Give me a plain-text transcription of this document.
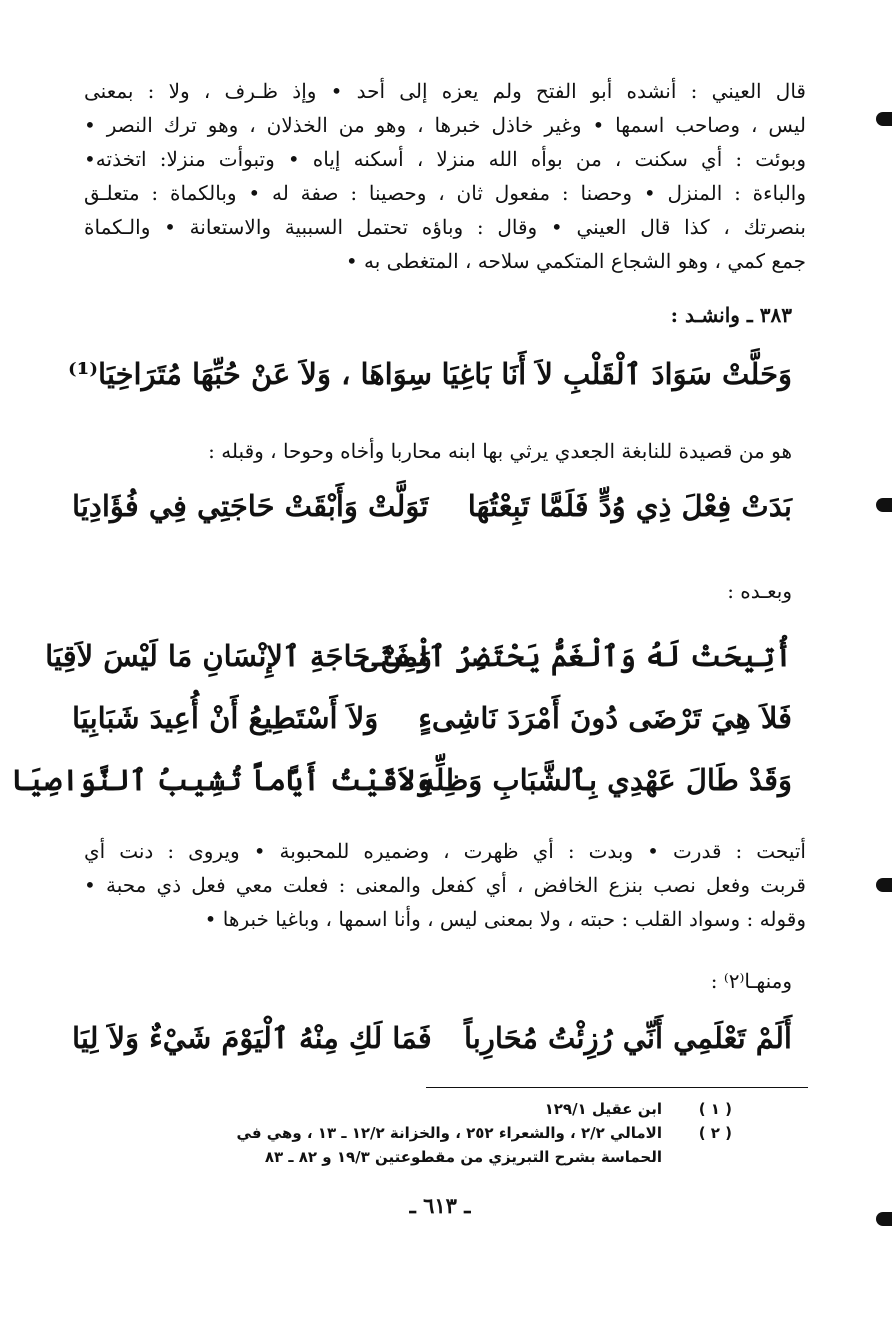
قال العيني : أنشده أبو الفتح ولم يعزه إلى أحد • وإذ ظـرف ، ولا : بمعنى

ليس ، وصاحب اسمها • وغير خاذل خبرها ، وهو من الخذلان ، وهو ترك النصر •

وبوئت : أي سكنت ، من بوأه الله منزلا ، أسكنه إياه • وتبوأت منزلا: اتخذته•

والباءة : المنزل • وحصنا : مفعول ثان ، وحصينا : صفة له • وبالكماة : متعلـق

بنصرتك ، كذا قال العيني • وقال : وباؤه تحتمل السببية والاستعانة • والـكماة

جمع كمي ، وهو الشجاع المتكمي سلاحه ، المتغطى به •

٣٨٣ ـ وانشـد :

وَحَلَّتْ سَوَادَ ٱلْقَلْبِ لاَ أَنَا بَاغِيَا

سِوَاهَا ، وَلاَ عَنْ حُبِّهَا مُتَرَاخِيَا⁽¹⁾

هو من قصيدة للنابغة الجعدي يرثي بها ابنه محاربا وأخاه وحوحا ، وقبله :

بَدَتْ فِعْلَ ذِي وُدٍّ فَلَمَّا تَبِعْتُهَا

تَوَلَّتْ وَأَبْقَتْ حَاجَتِي فِي فُؤَادِيَا

وبعـده :

أُتِيحَتْ لَهُ وَٱلْغَمُّ يَحْتَضِرُ ٱلْفَتَى

وَمِنْ حَاجَةِ ٱلإِنْسَانِ مَا لَيْسَ لاَقِيَا

فَلاَ هِيَ تَرْضَى دُونَ أَمْرَدَ نَاشِىءٍ

وَلاَ أَسْتَطِيعُ أَنْ أُعِيدَ شَبَابِيَا

وَقَدْ طَالَ عَهْدِي بِٱلشَّبَابِ وَظِلِّهِ

وَلاَقَيْتُ أَيَّاماً تُشِيبُ ٱلنَّوَاصِيَا

أتيحت : قدرت • وبدت : أي ظهرت ، وضميره للمحبوبة • ويروى : دنت أي

قربت وفعل نصب بنزع الخافض ، أي كفعل والمعنى : فعلت معي فعل ذي محبة •

وقوله : وسواد القلب : حبته ، ولا بمعنى ليس ، وأنا اسمها ، وباغيا خبرها •

ومنهـا⁽٢⁾ :

أَلَمْ تَعْلَمِي أَنِّي رُزِئْتُ مُحَارِباً

فَمَا لَكِ مِنْهُ ٱلْيَوْمَ شَيْءٌ وَلاَ لِيَا

( ١ )

ابن عقيل ١٢٩/١

( ٢ )

الامالي ٢/٢ ، والشعراء ٢٥٢ ، والخزانة ١٢/٢ ـ ١٣ ، وهي في

الحماسة بشرح التبريزي من مقطوعتين ١٩/٣ و ٨٢ ـ ٨٣

ـ ٦١٣ ـ
